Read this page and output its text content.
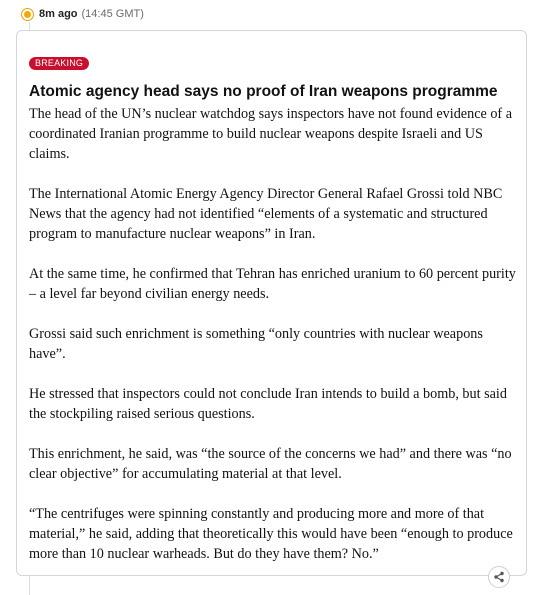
8m ago (14:45 GMT)
BREAKING
Atomic agency head says no proof of Iran weapons programme

The head of the UN’s nuclear watchdog says inspectors have not found evidence of a coordinated Iranian programme to build nuclear weapons despite Israeli and US claims.

The International Atomic Energy Agency Director General Rafael Grossi told NBC News that the agency had not identified “elements of a systematic and structured program to manufacture nuclear weapons” in Iran.

At the same time, he confirmed that Tehran has enriched uranium to 60 percent purity – a level far beyond civilian energy needs.

Grossi said such enrichment is something “only countries with nuclear weapons have”.

He stressed that inspectors could not conclude Iran intends to build a bomb, but said the stockpiling raised serious questions.

This enrichment, he said, was “the source of the concerns we had” and there was “no clear objective” for accumulating material at that level.

“The centrifuges were spinning constantly and producing more and more of that material,” he said, adding that theoretically this would have been “enough to produce more than 10 nuclear warheads. But do they have them? No.”
